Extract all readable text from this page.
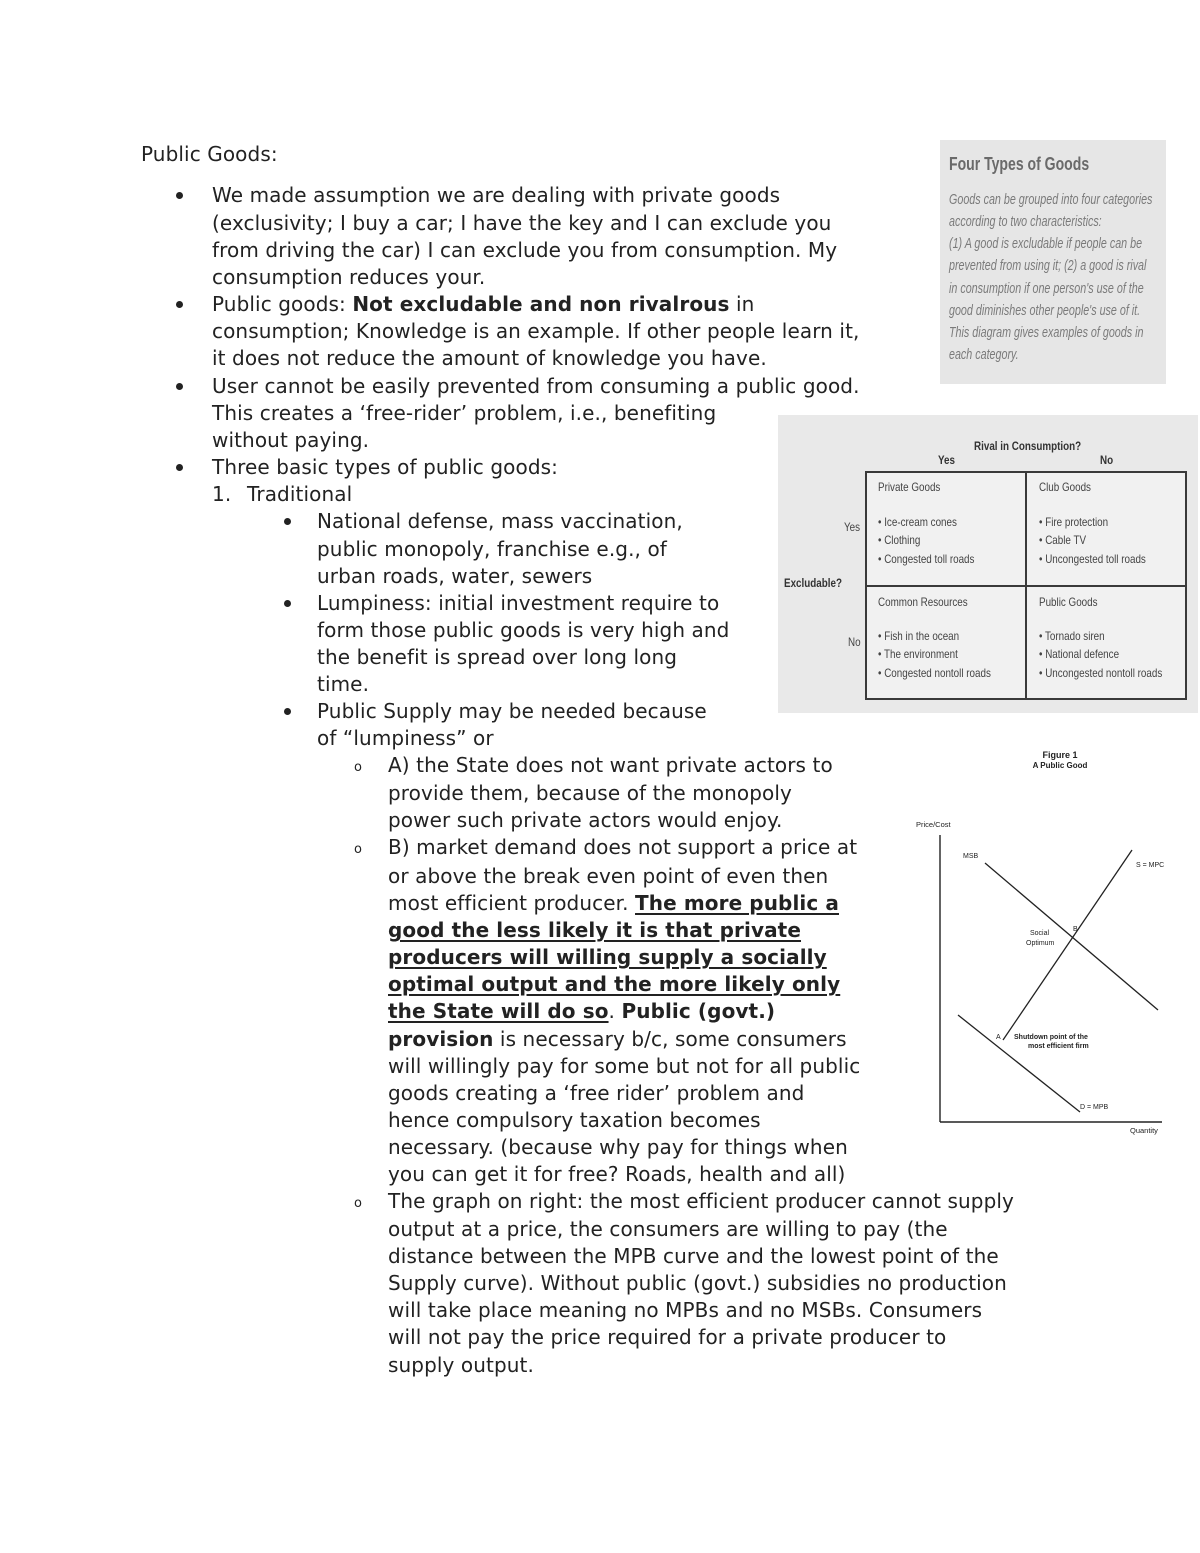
Public Goods:
We made assumption we are dealing with private goods
(exclusivity; I buy a car; I have the key and I can exclude you
from driving the car) I can exclude you from consumption. My
consumption reduces your.
Public goods: Not excludable and non rivalrous in
consumption; Knowledge is an example. If other people learn it,
it does not reduce the amount of knowledge you have.
User cannot be easily prevented from consuming a public good.
This creates a ‘free-rider’ problem, i.e., benefiting
without paying.
Three basic types of public goods:
1. Traditional
National defense, mass vaccination,
public monopoly, franchise e.g., of
urban roads, water, sewers
Lumpiness: initial investment require to
form those public goods is very high and
the benefit is spread over long long
time.
Public Supply may be needed because
of “lumpiness” or
o A) the State does not want private actors to
provide them, because of the monopoly
power such private actors would enjoy.
o B) market demand does not support a price at
or above the break even point of even then
most efficient producer. The more public a
good the less likely it is that private
producers will willing supply a socially
optimal output and the more likely only
the State will do so. Public (govt.)
provision is necessary b/c, some consumers
will willingly pay for some but not for all public
goods creating a ‘free rider’ problem and
hence compulsory taxation becomes
necessary. (because why pay for things when
you can get it for free? Roads, health and all)
o The graph on right: the most efficient producer cannot supply
output at a price, the consumers are willing to pay (the
distance between the MPB curve and the lowest point of the
Supply curve). Without public (govt.) subsidies no production
will take place meaning no MPBs and no MSBs. Consumers
will not pay the price required for a private producer to
supply output.
Four Types of Goods
Goods can be grouped into four categories
according to two characteristics:
(1) A good is excludable if people can be
prevented from using it; (2) a good is rival
in consumption if one person's use of the
good diminishes other people's use of it.
This diagram gives examples of goods in
each category.
Rival in Consumption?
Yes	No
Excludable?
Yes
No
Private Goods
• Ice-cream cones
• Clothing
• Congested toll roads
Club Goods
• Fire protection
• Cable TV
• Uncongested toll roads
Common Resources
• Fish in the ocean
• The environment
• Congested nontoll roads
Public Goods
• Tornado siren
• National defence
• Uncongested nontoll roads
Figure 1
A Public Good
Price/Cost
Quantity
MSB
S = MPC
D = MPB
B
Social
Optimum
A Shutdown point of the
most efficient firm
